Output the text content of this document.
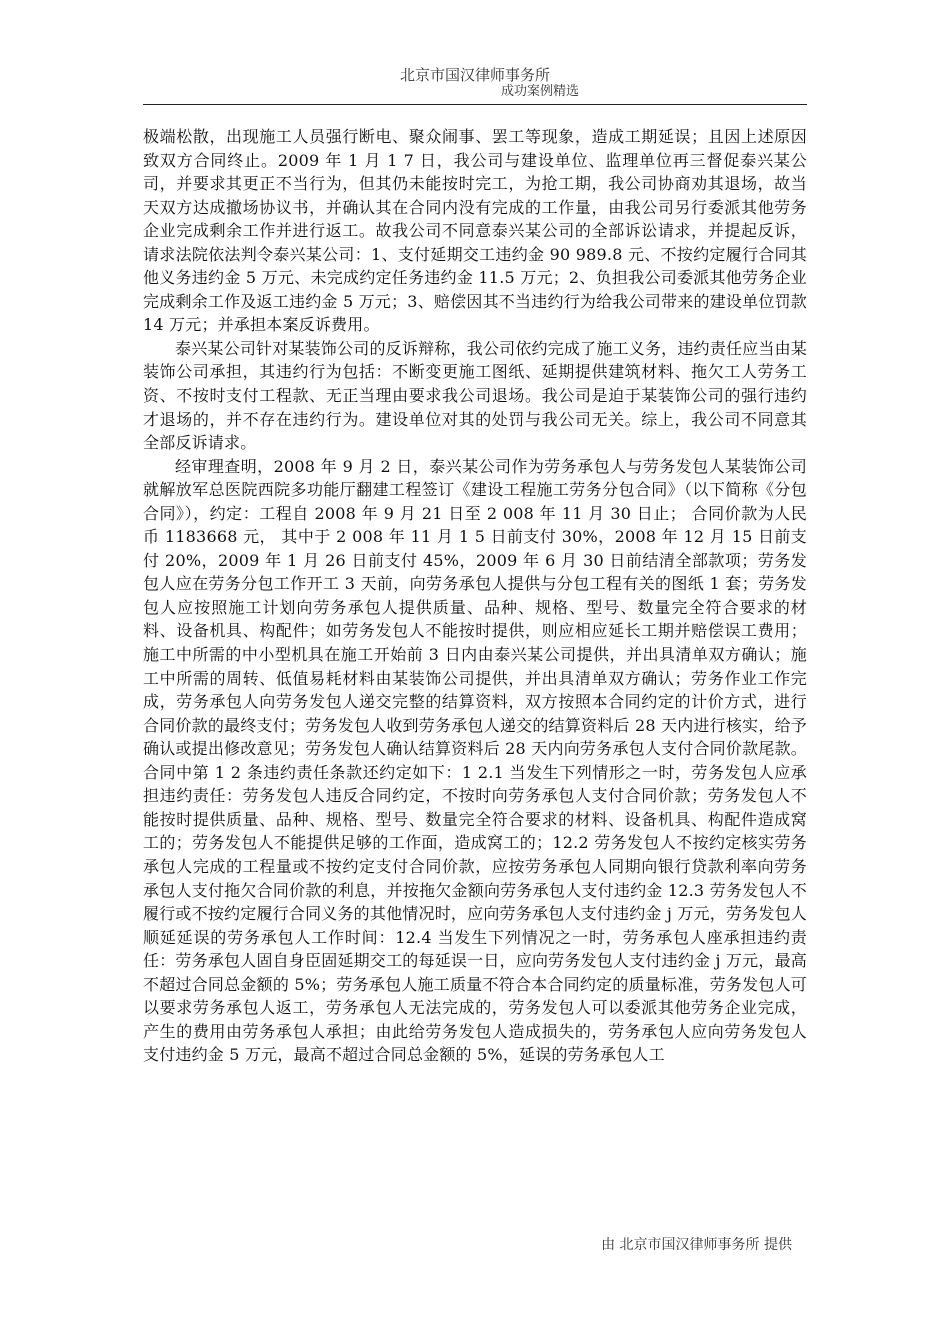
北京市国汉律师事务所
成功案例精选

极端松散，出现施工人员强行断电、聚众闹事、罢工等现象，造成工期延误；且因上述原因致双方合同终止。2009 年 1 月 1 7 日，我公司与建设单位、监理单位再三督促泰兴某公司，并要求其更正不当行为，但其仍未能按时完工，为抢工期，我公司协商劝其退场，故当天双方达成撤场协议书，并确认其在合同内没有完成的工作量，由我公司另行委派其他劳务企业完成剩余工作并进行返工。故我公司不同意泰兴某公司的全部诉讼请求，并提起反诉，请求法院依法判令泰兴某公司：1、支付延期交工违约金 90 989.8 元、不按约定履行合同其他义务违约金 5 万元、未完成约定任务违约金 11.5 万元；2、负担我公司委派其他劳务企业完成剩余工作及返工违约金 5 万元；3、赔偿因其不当违约行为给我公司带来的建设单位罚款 14 万元；并承担本案反诉费用。

泰兴某公司针对某装饰公司的反诉辩称，我公司依约完成了施工义务，违约责任应当由某装饰公司承担，其违约行为包括：不断变更施工图纸、延期提供建筑材料、拖欠工人劳务工资、不按时支付工程款、无正当理由要求我公司退场。我公司是迫于某装饰公司的强行违约才退场的，并不存在违约行为。建设单位对其的处罚与我公司无关。综上，我公司不同意其全部反诉请求。

经审理查明，2008 年 9 月 2 日，泰兴某公司作为劳务承包人与劳务发包人某装饰公司就解放军总医院西院多功能厅翻建工程签订《建设工程施工劳务分包合同》（以下简称《分包合同》），约定：工程自 2008 年 9 月 21 日至 2 008 年 11 月 30 日止； 合同价款为人民币 1183668 元， 其中于 2 008 年 11 月 1 5 日前支付 30%，2008 年 12 月 15 日前支付 20%，2009 年 1 月 26 日前支付 45%，2009 年 6 月 30 日前结清全部款项；劳务发包人应在劳务分包工作开工 3 天前，向劳务承包人提供与分包工程有关的图纸 1 套；劳务发包人应按照施工计划向劳务承包人提供质量、品种、规格、型号、数量完全符合要求的材料、设备机具、构配件；如劳务发包人不能按时提供，则应相应延长工期并赔偿误工费用；施工中所需的中小型机具在施工开始前 3 日内由泰兴某公司提供，并出具清单双方确认；施工中所需的周转、低值易耗材料由某装饰公司提供，并出具清单双方确认；劳务作业工作完成，劳务承包人向劳务发包人递交完整的结算资料，双方按照本合同约定的计价方式，进行合同价款的最终支付；劳务发包人收到劳务承包人递交的结算资料后 28 天内进行核实，给予确认或提出修改意见；劳务发包人确认结算资料后 28 天内向劳务承包人支付合同价款尾款。合同中第 1 2 条违约责任条款还约定如下：1 2.1 当发生下列情形之一时，劳务发包人应承担违约责任：劳务发包人违反合同约定，不按时向劳务承包人支付合同价款；劳务发包人不能按时提供质量、品种、规格、型号、数量完全符合要求的材料、设备机具、构配件造成窝工的；劳务发包人不能提供足够的工作面，造成窝工的；12.2 劳务发包人不按约定核实劳务承包人完成的工程量或不按约定支付合同价款，应按劳务承包人同期向银行贷款利率向劳务承包人支付拖欠合同价款的利息，并按拖欠金额向劳务承包人支付违约金 12.3 劳务发包人不履行或不按约定履行合同义务的其他情况时，应向劳务承包人支付违约金 j 万元，劳务发包人顺延延误的劳务承包人工作时间：12.4 当发生下列情况之一时，劳务承包人座承担违约责任：劳务承包人固自身臣固延期交工的每延误一日，应向劳务发包人支付违约金 j 万元，最高不超过合同总金额的 5%；劳务承包人施工质量不符合本合同约定的质量标准，劳务发包人可以要求劳务承包人返工，劳务承包人无法完成的，劳务发包人可以委派其他劳务企业完成，产生的费用由劳务承包人承担；由此给劳务发包人造成损失的，劳务承包人应向劳务发包人支付违约金 5 万元，最高不超过合同总金额的 5%，延误的劳务承包人工

由 北京市国汉律师事务所 提供
